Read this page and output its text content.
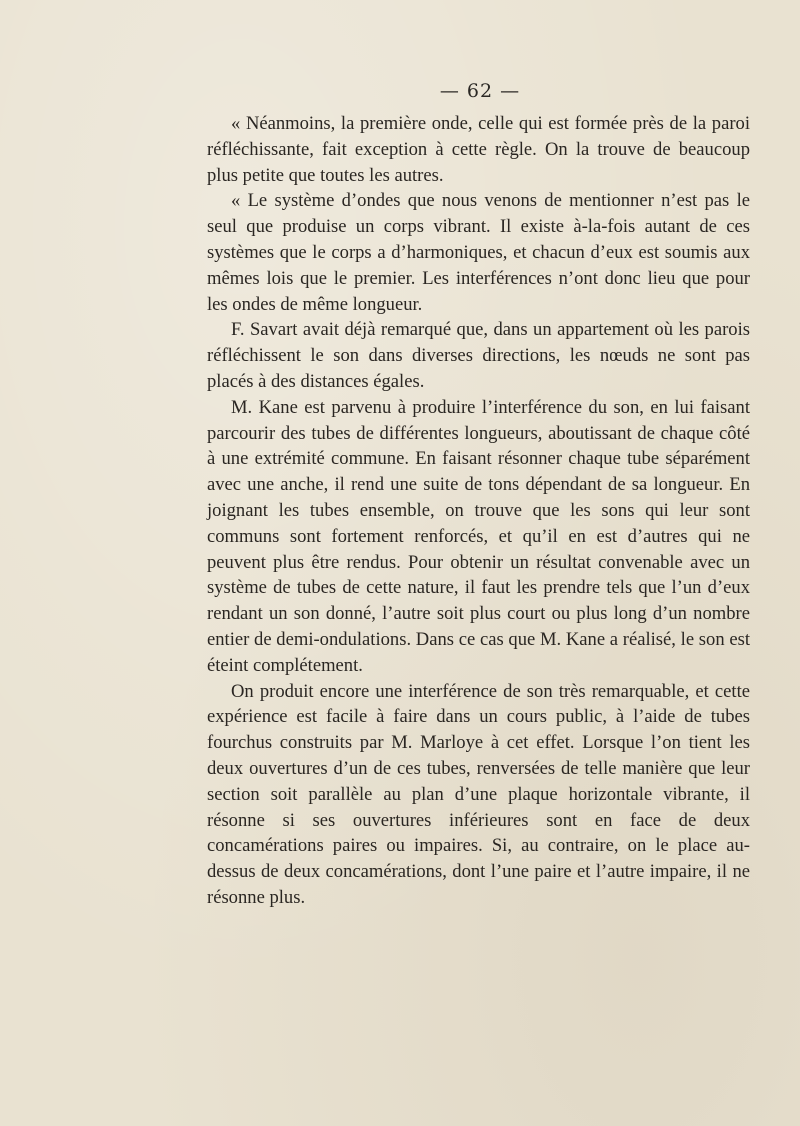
— 62 —

« Néanmoins, la première onde, celle qui est formée près de la paroi réfléchissante, fait exception à cette règle. On la trouve de beaucoup plus petite que toutes les autres.

« Le système d’ondes que nous venons de mentionner n’est pas le seul que produise un corps vibrant. Il existe à-la-fois autant de ces systèmes que le corps a d’harmoniques, et chacun d’eux est soumis aux mêmes lois que le premier. Les interférences n’ont donc lieu que pour les ondes de même longueur.

F. Savart avait déjà remarqué que, dans un appartement où les parois réfléchissent le son dans diverses directions, les nœuds ne sont pas placés à des distances égales.

M. Kane est parvenu à produire l’interférence du son, en lui faisant parcourir des tubes de différentes longueurs, aboutissant de chaque côté à une extrémité commune. En faisant résonner chaque tube séparément avec une anche, il rend une suite de tons dépendant de sa longueur. En joignant les tubes ensemble, on trouve que les sons qui leur sont communs sont fortement renforcés, et qu’il en est d’autres qui ne peuvent plus être rendus. Pour obtenir un résultat convenable avec un système de tubes de cette nature, il faut les prendre tels que l’un d’eux rendant un son donné, l’autre soit plus court ou plus long d’un nombre entier de demi-ondulations. Dans ce cas que M. Kane a réalisé, le son est éteint complétement.

On produit encore une interférence de son très remarquable, et cette expérience est facile à faire dans un cours public, à l’aide de tubes fourchus construits par M. Marloye à cet effet. Lorsque l’on tient les deux ouvertures d’un de ces tubes, renversées de telle manière que leur section soit parallèle au plan d’une plaque horizontale vibrante, il résonne si ses ouvertures inférieures sont en face de deux concamérations paires ou impaires. Si, au contraire, on le place au-dessus de deux concamérations, dont l’une paire et l’autre impaire, il ne résonne plus.
